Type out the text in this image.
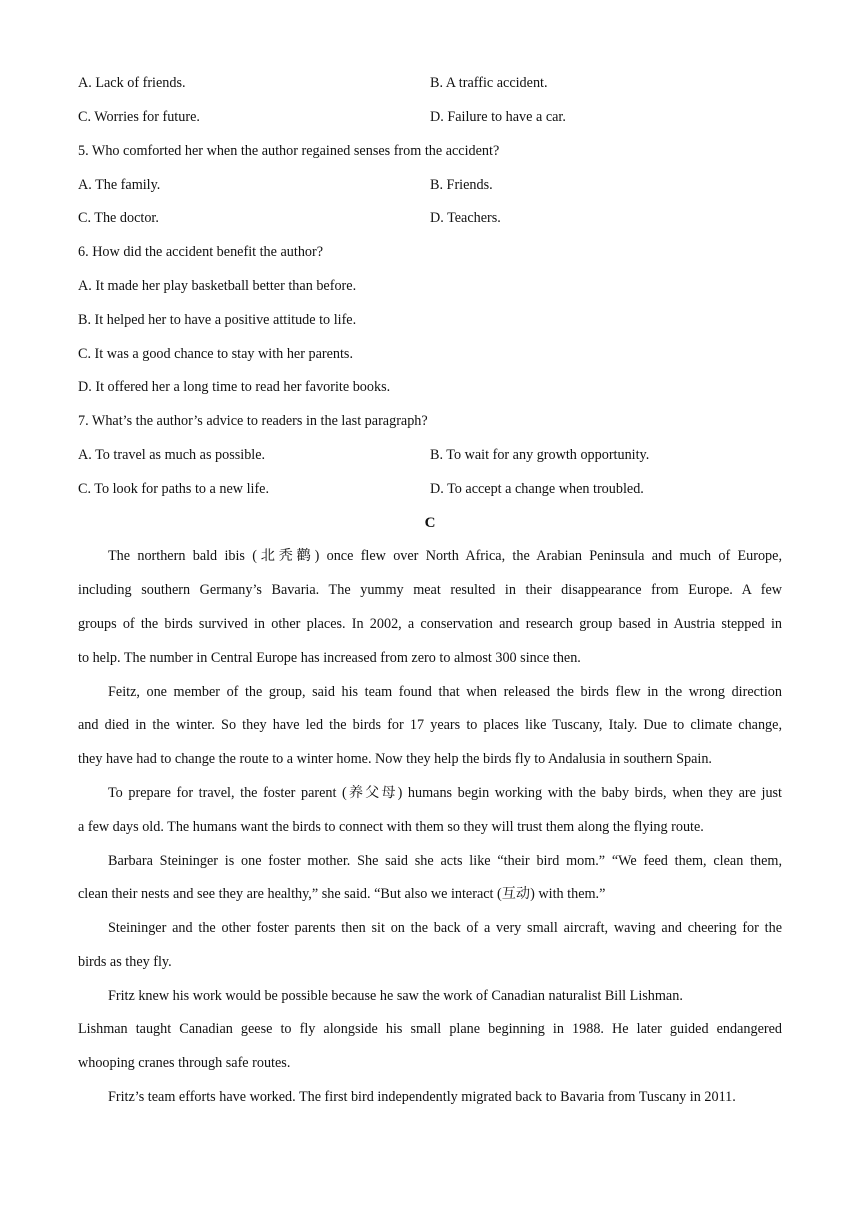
A. Lack of friends.	B. A traffic accident.
C. Worries for future.	D. Failure to have a car.
5. Who comforted her when the author regained senses from the accident?
A. The family.	B. Friends.
C. The doctor.	D. Teachers.
6. How did the accident benefit the author?
A. It made her play basketball better than before.
B. It helped her to have a positive attitude to life.
C. It was a good chance to stay with her parents.
D. It offered her a long time to read her favorite books.
7. What’s the author’s advice to readers in the last paragraph?
A. To travel as much as possible.	B. To wait for any growth opportunity.
C. To look for paths to a new life.	D. To accept a change when troubled.
C
The northern bald ibis (北秃鹳) once flew over North Africa, the Arabian Peninsula and much of Europe,
including southern Germany’s Bavaria. The yummy meat resulted in their disappearance from Europe. A few
groups of the birds survived in other places. In 2002, a conservation and research group based in Austria stepped in
to help. The number in Central Europe has increased from zero to almost 300 since then.
Feitz, one member of the group, said his team found that when released the birds flew in the wrong direction
and died in the winter. So they have led the birds for 17 years to places like Tuscany, Italy. Due to climate change,
they have had to change the route to a winter home. Now they help the birds fly to Andalusia in southern Spain.
To prepare for travel, the foster parent (养父母) humans begin working with the baby birds, when they are just
a few days old. The humans want the birds to connect with them so they will trust them along the flying route.
Barbara Steininger is one foster mother. She said she acts like “their bird mom.” “We feed them, clean them,
clean their nests and see they are healthy,” she said. “But also we interact (互动) with them.”
Steininger and the other foster parents then sit on the back of a very small aircraft, waving and cheering for the
birds as they fly.
Fritz knew his work would be possible because he saw the work of Canadian naturalist Bill Lishman.
Lishman taught Canadian geese to fly alongside his small plane beginning in 1988. He later guided endangered
whooping cranes through safe routes.
Fritz’s team efforts have worked. The first bird independently migrated back to Bavaria from Tuscany in 2011.
